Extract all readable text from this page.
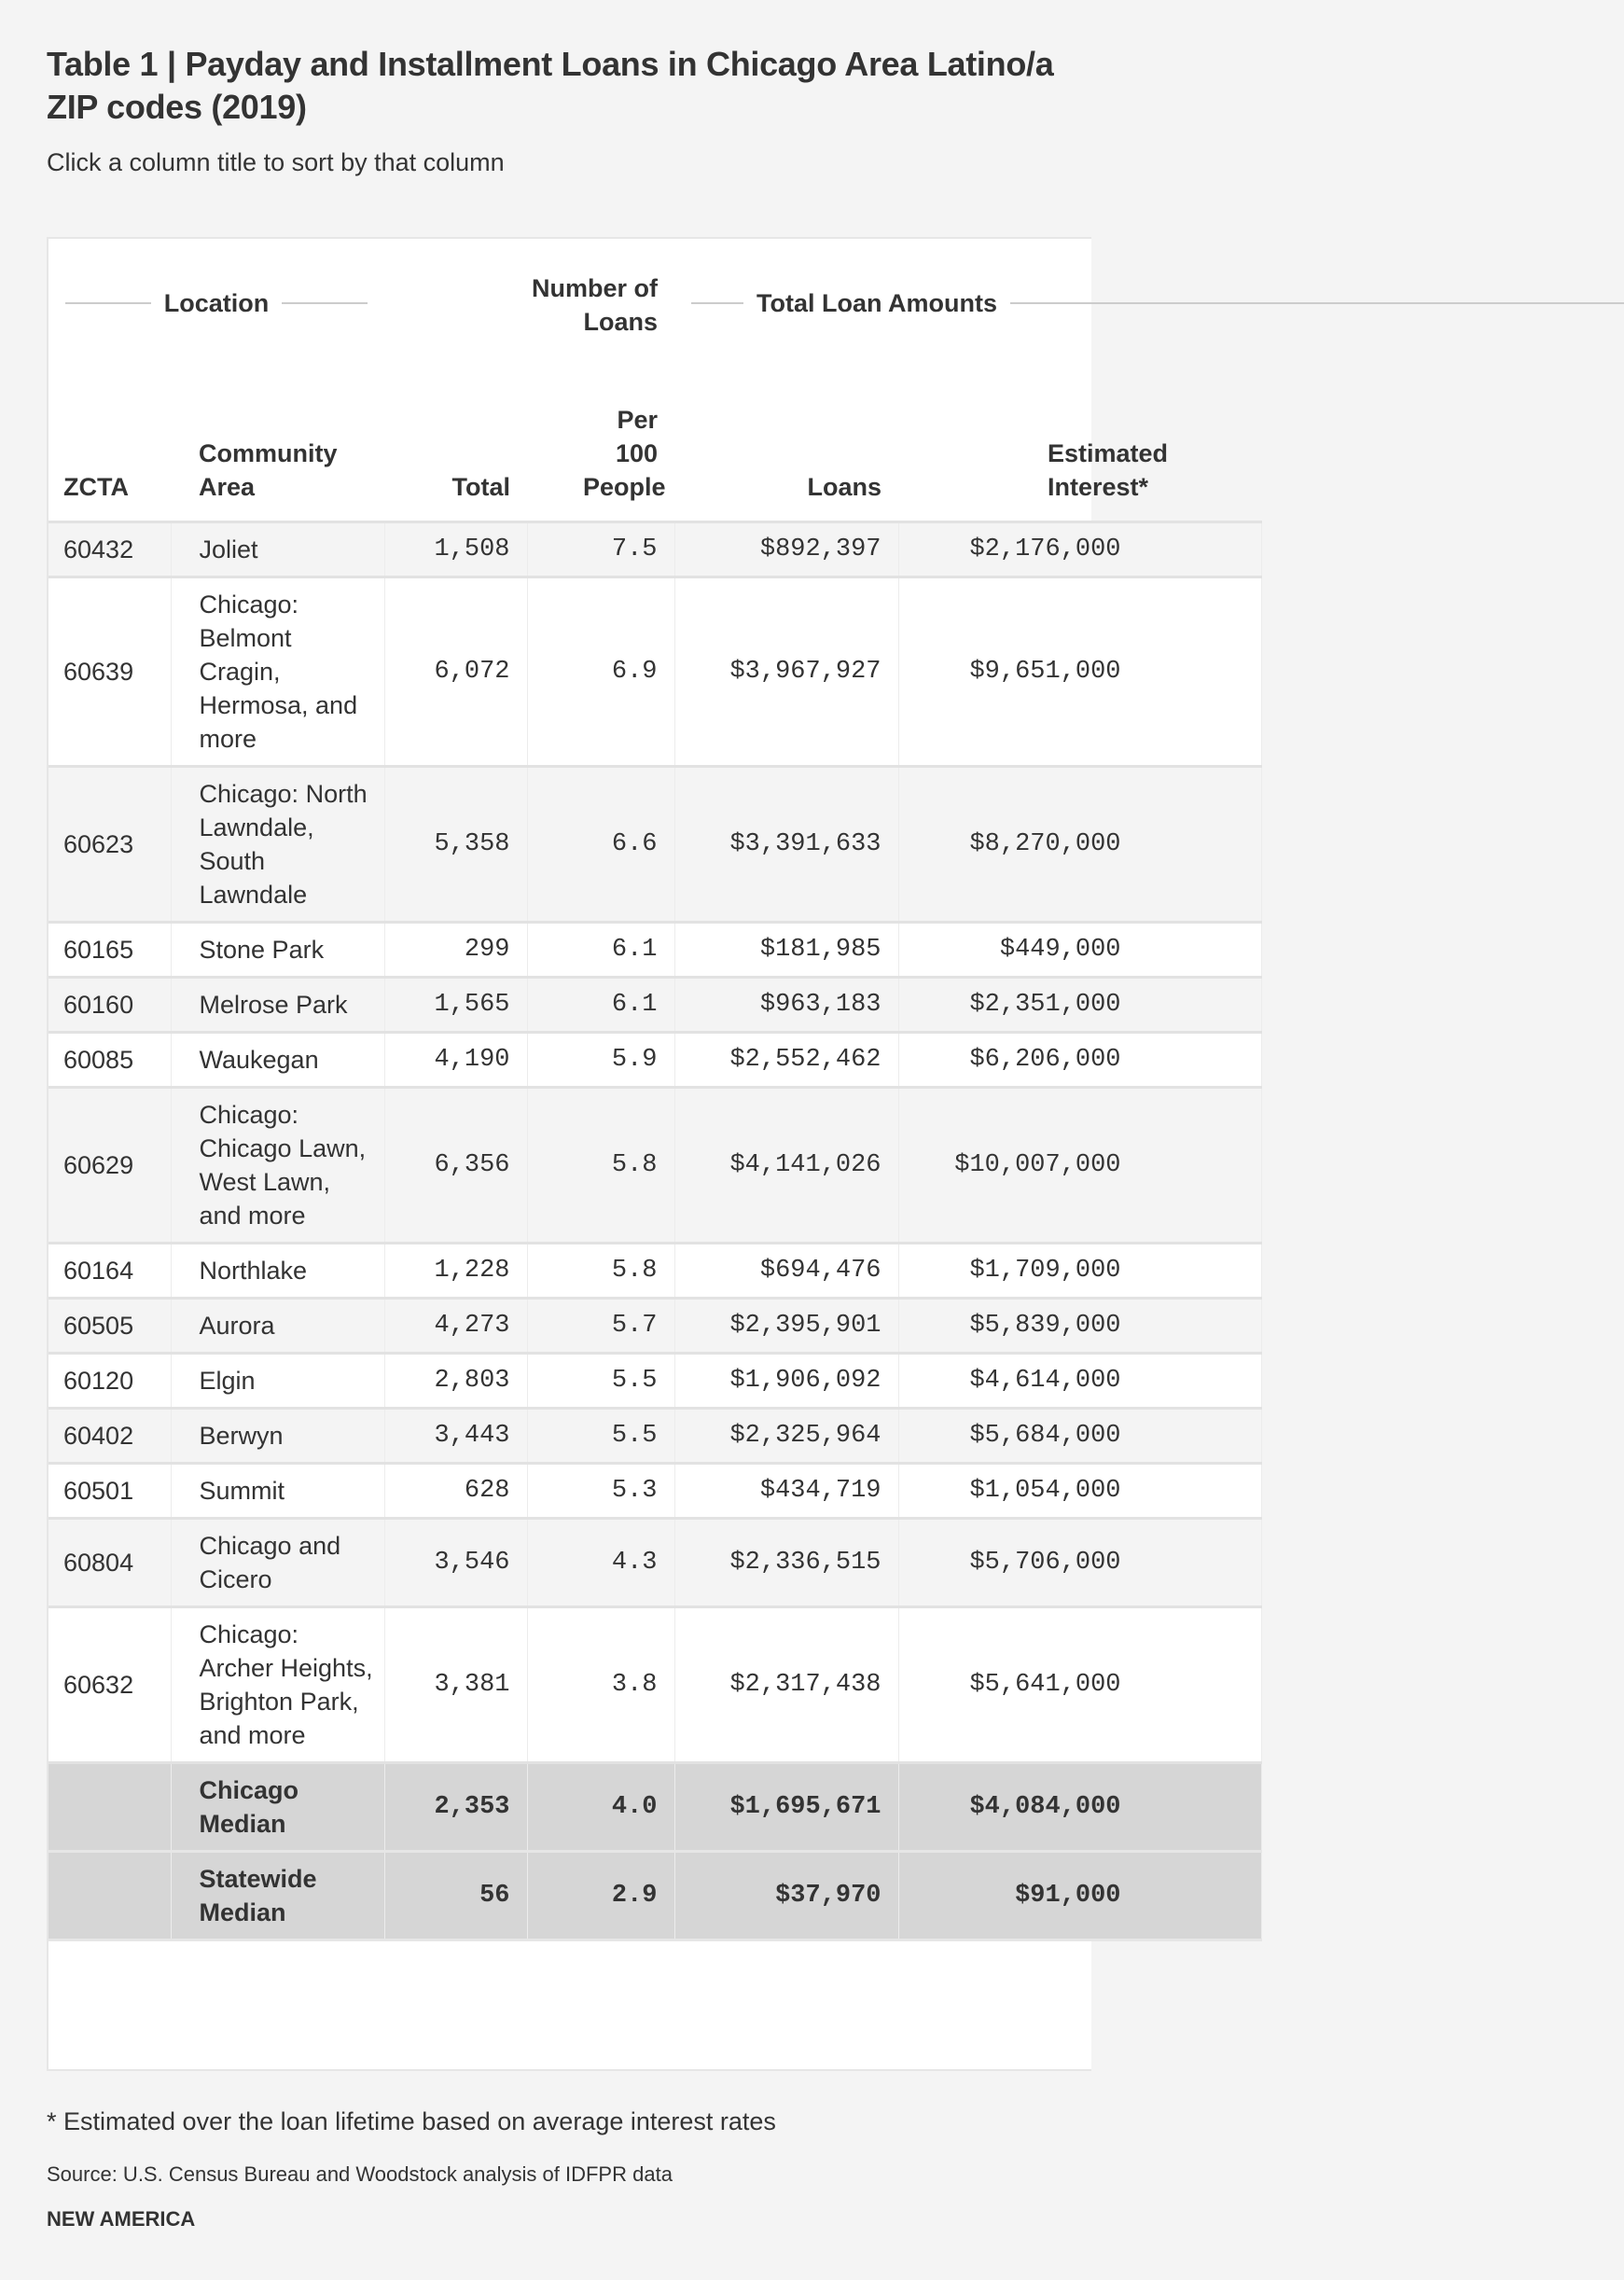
Table 1 | Payday and Installment Loans in Chicago Area Latino/a ZIP codes (2019)
Click a column title to sort by that column
Location		Number of Loans		Total Loan Amounts	

ZCTA	Community Area	Total	Per 100 People	Loans	Estimated Interest*
60432	Joliet	1,508	7.5	$892,397	$2,176,000
60639	Chicago: Belmont Cragin, Hermosa, and more	6,072	6.9	$3,967,927	$9,651,000
60623	Chicago: North Lawndale, South Lawndale	5,358	6.6	$3,391,633	$8,270,000
60165	Stone Park	299	6.1	$181,985	$449,000
60160	Melrose Park	1,565	6.1	$963,183	$2,351,000
60085	Waukegan	4,190	5.9	$2,552,462	$6,206,000
60629	Chicago: Chicago Lawn, West Lawn, and more	6,356	5.8	$4,141,026	$10,007,000
60164	Northlake	1,228	5.8	$694,476	$1,709,000
60505	Aurora	4,273	5.7	$2,395,901	$5,839,000
60120	Elgin	2,803	5.5	$1,906,092	$4,614,000
60402	Berwyn	3,443	5.5	$2,325,964	$5,684,000
60501	Summit	628	5.3	$434,719	$1,054,000
60804	Chicago and Cicero	3,546	4.3	$2,336,515	$5,706,000
60632	Chicago: Archer Heights, Brighton Park, and more	3,381	3.8	$2,317,438	$5,641,000
	Chicago Median	2,353	4.0	$1,695,671	$4,084,000
	Statewide Median	56	2.9	$37,970	$91,000
* Estimated over the loan lifetime based on average interest rates
Source: U.S. Census Bureau and Woodstock analysis of IDFPR data
NEW AMERICA
